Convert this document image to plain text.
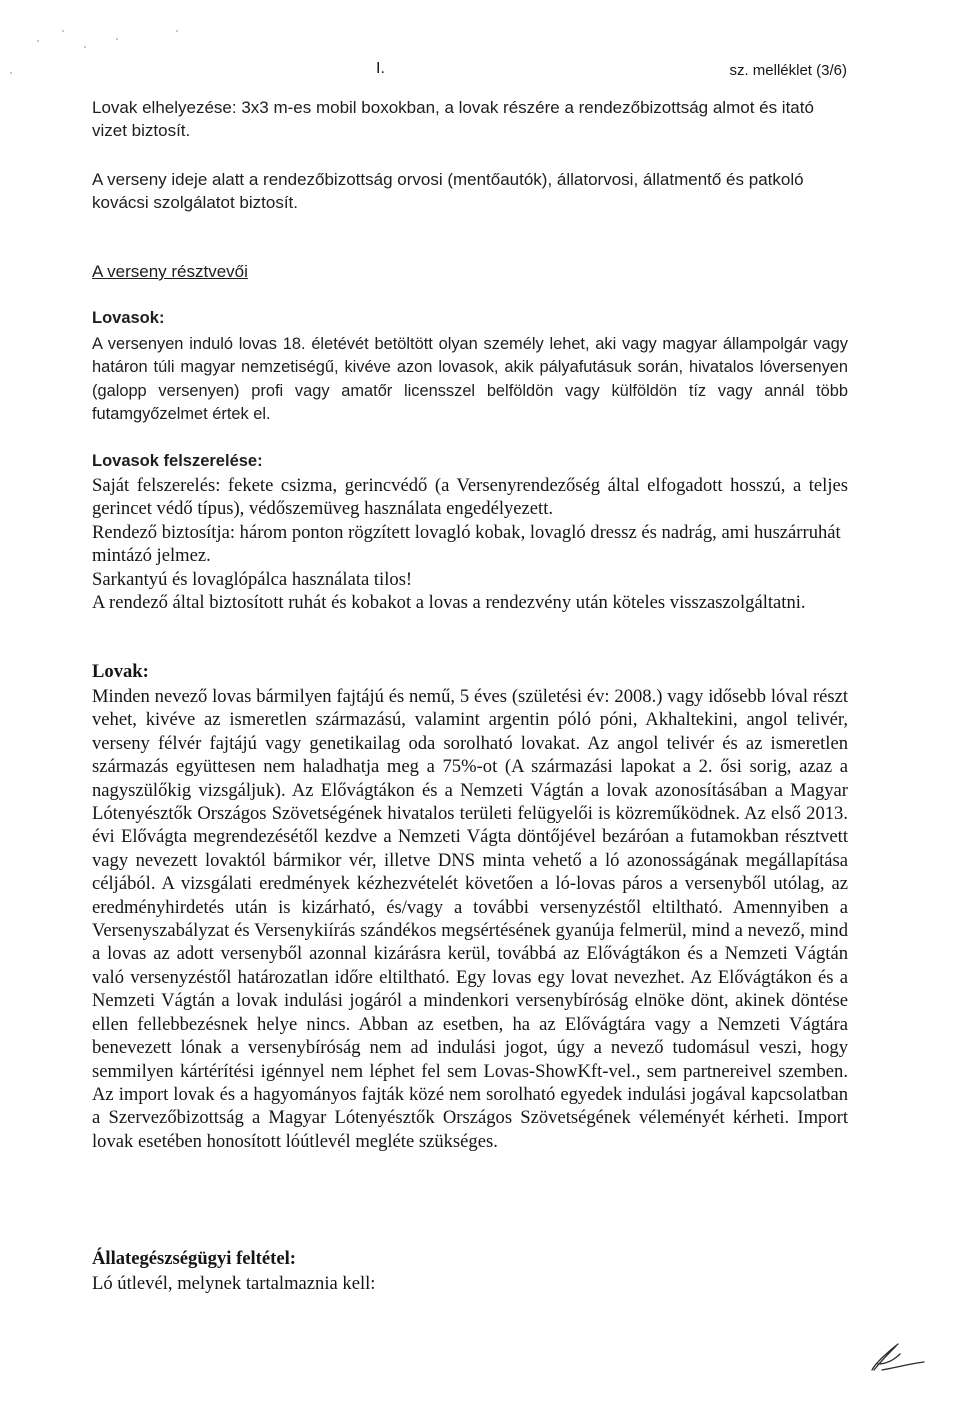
I.	sz. melléklet (3/6)

Lovak elhelyezése: 3x3 m-es mobil boxokban, a lovak részére a rendezőbizottság almot és itató vizet biztosít.

A verseny ideje alatt a rendezőbizottság orvosi (mentőautók), állatorvosi, állatmentő és patkoló kovácsi szolgálatot biztosít.

A verseny résztvevői

Lovasok:

A versenyen induló lovas 18. életévét betöltött olyan személy lehet, aki vagy magyar állampolgár vagy határon túli magyar nemzetiségű, kivéve azon lovasok, akik pályafutásuk során, hivatalos lóversenyen (galopp versenyen) profi vagy amatőr licensszel belföldön vagy külföldön tíz vagy annál több futamgyőzelmet értek el.

Lovasok felszerelése:

Saját felszerelés: fekete csizma, gerincvédő (a Versenyrendezőség által elfogadott hosszú, a teljes gerincet védő típus), védőszemüveg használata engedélyezett.

Rendező biztosítja: három ponton rögzített lovagló kobak, lovagló dressz és nadrág, ami huszárruhát mintázó jelmez.

Sarkantyú és lovaglópálca használata tilos!

A rendező által biztosított ruhát és kobakot a lovas a rendezvény után köteles visszaszolgáltatni.

Lovak:

Minden nevező lovas bármilyen fajtájú és nemű, 5 éves (születési év: 2008.) vagy idősebb lóval részt vehet, kivéve az ismeretlen származású, valamint argentin póló póni, Akhaltekini, angol telivér, verseny félvér fajtájú vagy genetikailag oda sorolható lovakat. Az angol telivér és az ismeretlen származás együttesen nem haladhatja meg a 75%-ot (A származási lapokat a 2. ősi sorig, azaz a nagyszülőkig vizsgáljuk). Az Elővágtákon és a Nemzeti Vágtán a lovak azonosításában a Magyar Lótenyésztők Országos Szövetségének hivatalos területi felügyelői is közreműködnek. Az első 2013. évi Elővágta megrendezésétől kezdve a Nemzeti Vágta döntőjével bezáróan a futamokban résztvett vagy nevezett lovaktól bármikor vér, illetve DNS minta vehető a ló azonosságának megállapítása céljából. A vizsgálati eredmények kézhezvételét követően a ló-lovas páros a versenyből utólag, az eredményhirdetés után is kizárható, és/vagy a további versenyzéstől eltiltható. Amennyiben a Versenyszabályzat és Versenykiírás szándékos megsértésének gyanúja felmerül, mind a nevező, mind a lovas az adott versenyből azonnal kizárásra kerül, továbbá az Elővágtákon és a Nemzeti Vágtán való versenyzéstől határozatlan időre eltiltható. Egy lovas egy lovat nevezhet. Az Elővágtákon és a Nemzeti Vágtán a lovak indulási jogáról a mindenkori versenybíróság elnöke dönt, akinek döntése ellen fellebbezésnek helye nincs. Abban az esetben, ha az Elővágtára vagy a Nemzeti Vágtára benevezett lónak a versenybíróság nem ad indulási jogot, úgy a nevező tudomásul veszi, hogy semmilyen kártérítési igénnyel nem léphet fel sem Lovas-ShowKft-vel., sem partnereivel szemben. Az import lovak és a hagyományos fajták közé nem sorolható egyedek indulási jogával kapcsolatban a Szervezőbizottság a Magyar Lótenyésztők Országos Szövetségének véleményét kérheti. Import lovak esetében honosított lóútlevél megléte szükséges.

Állategészségügyi feltétel:

Ló útlevél, melynek tartalmaznia kell:
